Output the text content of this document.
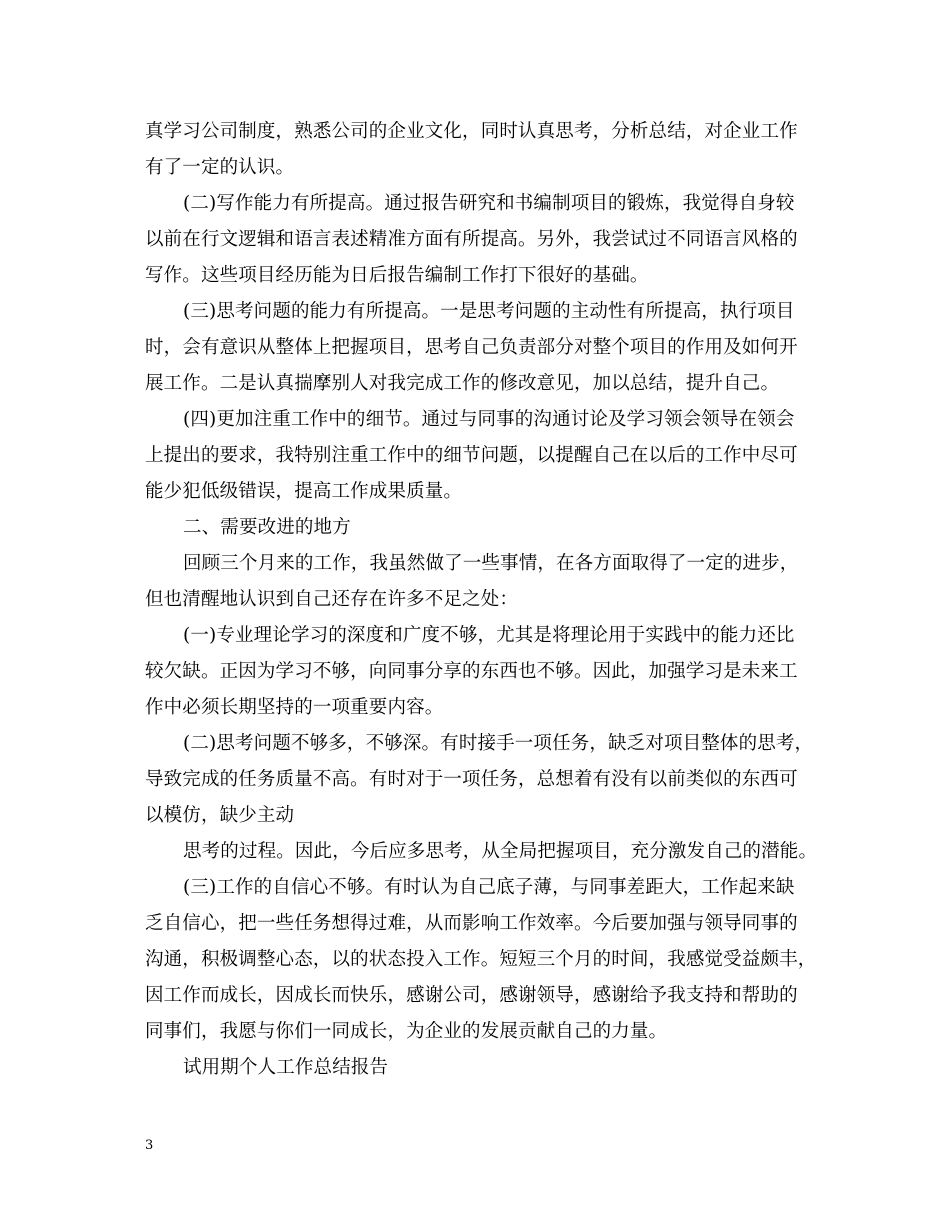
真学习公司制度，熟悉公司的企业文化，同时认真思考，分析总结，对企业工作
有了一定的认识。
(二)写作能力有所提高。通过报告研究和书编制项目的锻炼，我觉得自身较
以前在行文逻辑和语言表述精准方面有所提高。另外，我尝试过不同语言风格的
写作。这些项目经历能为日后报告编制工作打下很好的基础。
(三)思考问题的能力有所提高。一是思考问题的主动性有所提高，执行项目
时，会有意识从整体上把握项目，思考自己负责部分对整个项目的作用及如何开
展工作。二是认真揣摩别人对我完成工作的修改意见，加以总结，提升自己。
(四)更加注重工作中的细节。通过与同事的沟通讨论及学习领会领导在领会
上提出的要求，我特别注重工作中的细节问题，以提醒自己在以后的工作中尽可
能少犯低级错误，提高工作成果质量。
二、需要改进的地方
回顾三个月来的工作，我虽然做了一些事情，在各方面取得了一定的进步，
但也清醒地认识到自己还存在许多不足之处：
(一)专业理论学习的深度和广度不够，尤其是将理论用于实践中的能力还比
较欠缺。正因为学习不够，向同事分享的东西也不够。因此，加强学习是未来工
作中必须长期坚持的一项重要内容。
(二)思考问题不够多，不够深。有时接手一项任务，缺乏对项目整体的思考，
导致完成的任务质量不高。有时对于一项任务，总想着有没有以前类似的东西可
以模仿，缺少主动
思考的过程。因此，今后应多思考，从全局把握项目，充分激发自己的潜能。
(三)工作的自信心不够。有时认为自己底子薄，与同事差距大，工作起来缺
乏自信心，把一些任务想得过难，从而影响工作效率。今后要加强与领导同事的
沟通，积极调整心态，以的状态投入工作。短短三个月的时间，我感觉受益颇丰，
因工作而成长，因成长而快乐，感谢公司，感谢领导，感谢给予我支持和帮助的
同事们，我愿与你们一同成长，为企业的发展贡献自己的力量。
试用期个人工作总结报告
3
